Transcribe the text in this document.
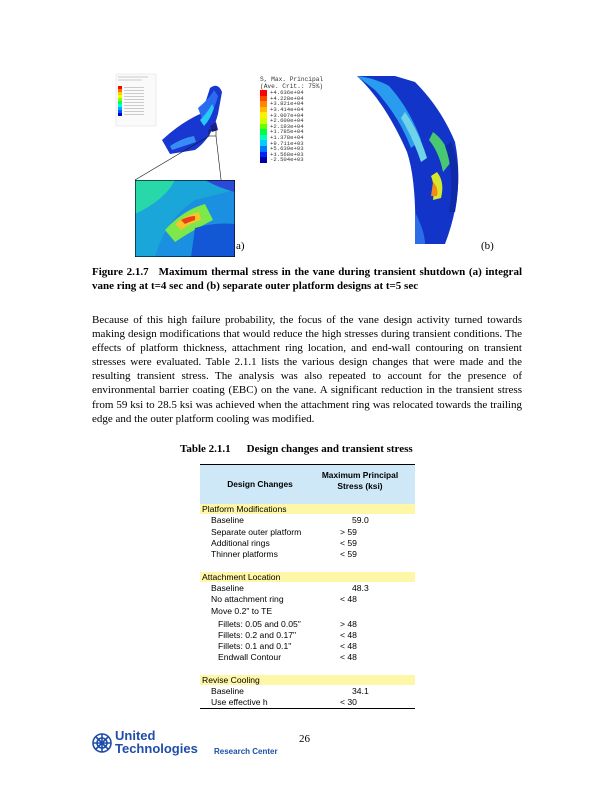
a)
S, Max. Principal
(Ave. Crit.: 75%)
+4.636e+04
+4.228e+04
+3.821e+04
+3.414e+04
+3.007e+04
+2.600e+04
+2.193e+04
+1.785e+04
+1.378e+04
+9.711e+03
+5.639e+03
+1.568e+03
-2.504e+03
(b)
Figure 2.1.7 Maximum thermal stress in the vane during transient shutdown (a) integral vane ring at t=4 sec and (b) separate outer platform designs at t=5 sec
Because of this high failure probability, the focus of the vane design activity turned towards making design modifications that would reduce the high stresses during transient conditions. The effects of platform thickness, attachment ring location, and end-wall contouring on transient stresses were evaluated. Table 2.1.1 lists the various design changes that were made and the resulting transient stress. The analysis was also repeated to account for the presence of environmental barrier coating (EBC) on the vane. A significant reduction in the transient stress from 59 ksi to 28.5 ksi was achieved when the attachment ring was relocated towards the trailing edge and the outer platform cooling was modified.
Table 2.1.1 Design changes and transient stress
Design Changes
Maximum Principal
Stress (ksi)
Platform Modifications
Baseline	59.0
Separate outer platform	> 59
Additional rings	< 59
Thinner platforms	< 59
Attachment Location
Baseline	48.3
No attachment ring	< 48
Move 0.2" to TE
Fillets: 0.05 and 0.05"	> 48
Fillets: 0.2 and 0.17"	< 48
Fillets: 0.1 and 0.1"	< 48
Endwall Contour	< 48
Revise Cooling
Baseline	34.1
Use effective h	< 30
United
Technologies Research Center
26
